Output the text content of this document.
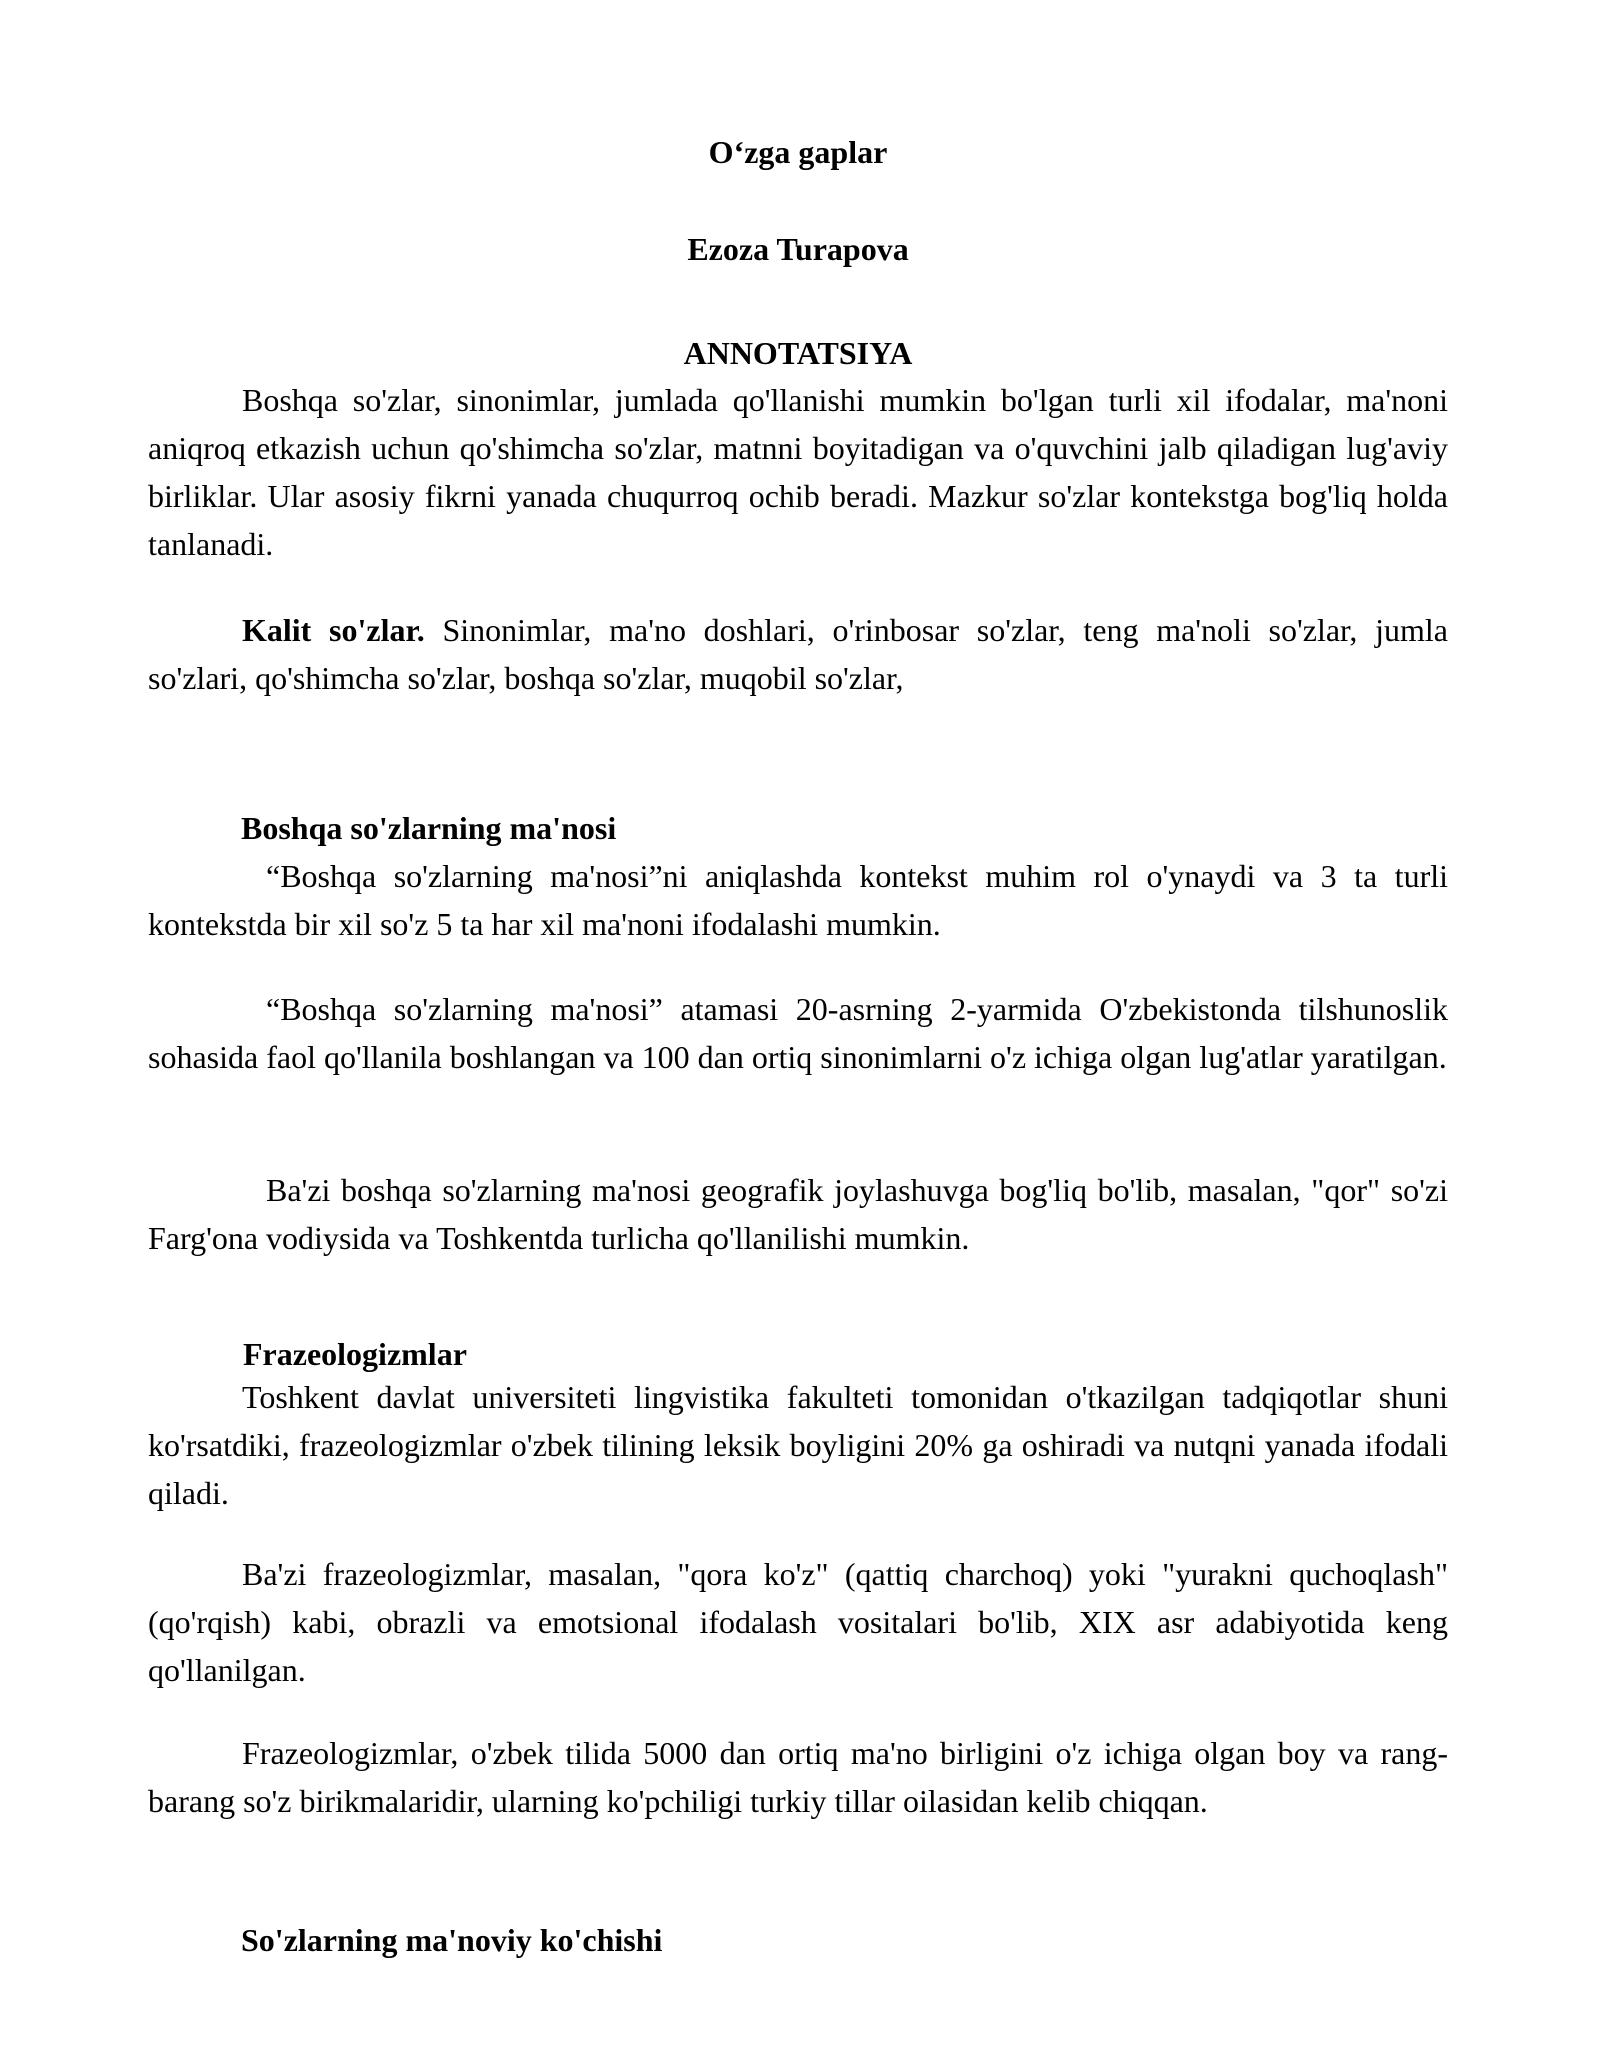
O‘zga gaplar
Ezoza Turapova
ANNOTATSIYA

Boshqa so'zlar, sinonimlar, jumlada qo'llanishi mumkin bo'lgan turli xil ifodalar, ma'noni aniqroq etkazish uchun qo'shimcha so'zlar, matnni boyitadigan va o'quvchini jalb qiladigan lug'aviy birliklar. Ular asosiy fikrni yanada chuqurroq ochib beradi. Mazkur so'zlar kontekstga bog'liq holda tanlanadi.

Kalit so'zlar. Sinonimlar, ma'no doshlari, o'rinbosar so'zlar, teng ma'noli so'zlar, jumla so'zlari, qo'shimcha so'zlar, boshqa so'zlar, muqobil so'zlar,

Boshqa so'zlarning ma'nosi

“Boshqa so'zlarning ma'nosi”ni aniqlashda kontekst muhim rol o'ynaydi va 3 ta turli kontekstda bir xil so'z 5 ta har xil ma'noni ifodalashi mumkin.

“Boshqa so'zlarning ma'nosi” atamasi 20-asrning 2-yarmida O'zbekistonda tilshunoslik sohasida faol qo'llanila boshlangan va 100 dan ortiq sinonimlarni o'z ichiga olgan lug'atlar yaratilgan.

Ba'zi boshqa so'zlarning ma'nosi geografik joylashuvga bog'liq bo'lib, masalan, "qor" so'zi Farg'ona vodiysida va Toshkentda turlicha qo'llanilishi mumkin.

Frazeologizmlar

Toshkent davlat universiteti lingvistika fakulteti tomonidan o'tkazilgan tadqiqotlar shuni ko'rsatdiki, frazeologizmlar o'zbek tilining leksik boyligini 20% ga oshiradi va nutqni yanada ifodali qiladi.

Ba'zi frazeologizmlar, masalan, "qora ko'z" (qattiq charchoq) yoki "yurakni quchoqlash" (qo'rqish) kabi, obrazli va emotsional ifodalash vositalari bo'lib, XIX asr adabiyotida keng qo'llanilgan.

Frazeologizmlar, o'zbek tilida 5000 dan ortiq ma'no birligini o'z ichiga olgan boy va rang-barang so'z birikmalaridir, ularning ko'pchiligi turkiy tillar oilasidan kelib chiqqan.

So'zlarning ma'noviy ko'chishi
